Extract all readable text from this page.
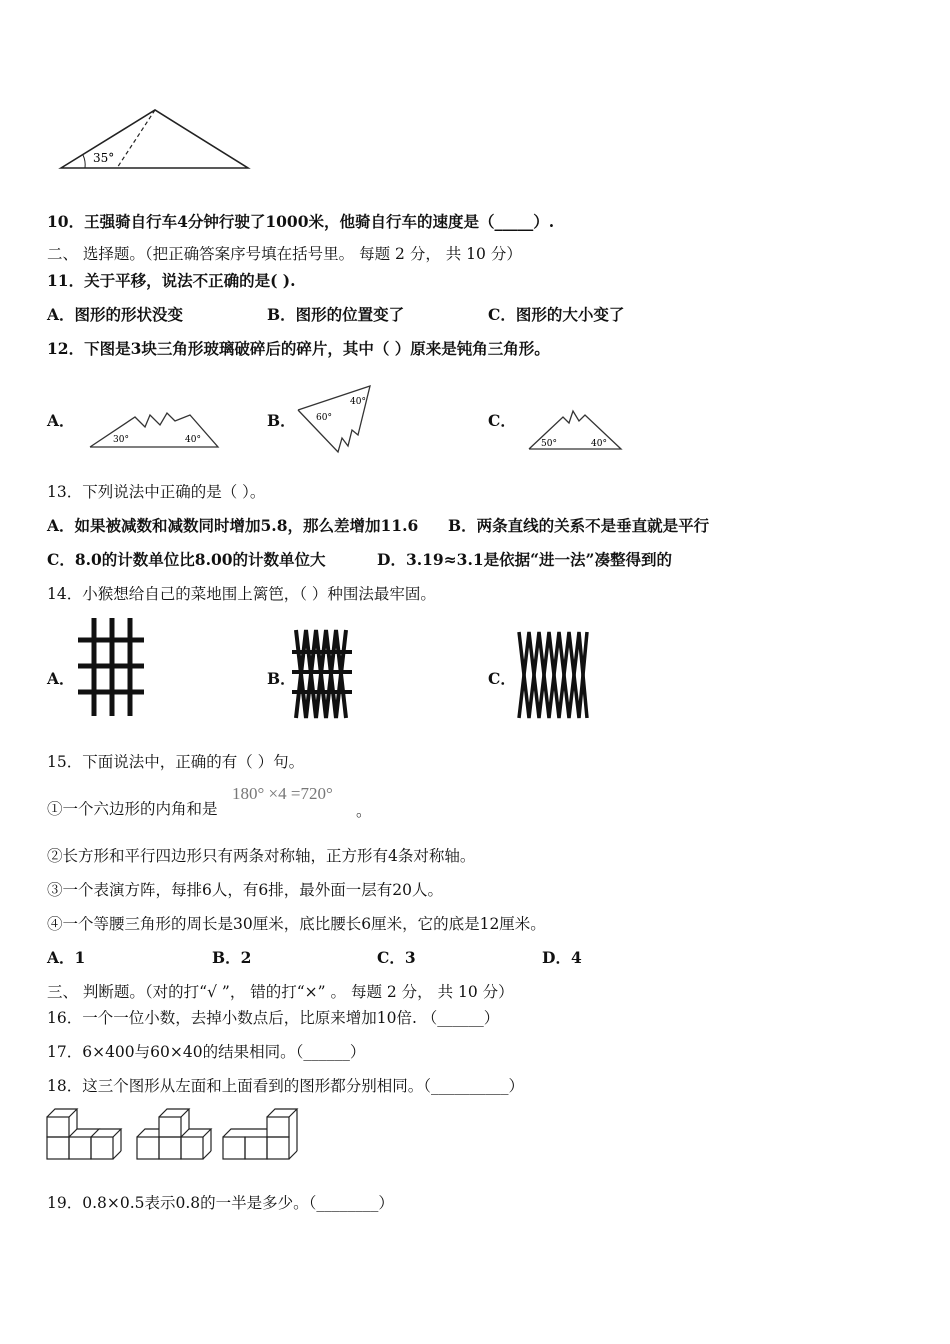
35°
10．王强骑自行车4分钟行驶了1000米，他骑自行车的速度是（_____）.
二、 选择题。（把正确答案序号填在括号里。 每题 2 分， 共 10 分）
11．关于平移，说法不正确的是( ).
A．图形的形状没变	B．图形的位置变了	C．图形的大小变了
12．下图是3块三角形玻璃破碎后的碎片，其中（ ）原来是钝角三角形。
A．	B．	C．
30°	40°
60°
40°
50°	40°
13．下列说法中正确的是（ ）。
A．如果被减数和减数同时增加5.8，那么差增加11.6 B．两条直线的关系不是垂直就是平行
C．8.0的计数单位比8.00的计数单位大	D．3.19≈3.1是依据“进一法”凑整得到的
14．小猴想给自己的菜地围上篱笆，（ ）种围法最牢固。
A．	B．	C．
15．下面说法中，正确的有（ ）句。
①一个六边形的内角和是
180° ×4 =720°
。
②长方形和平行四边形只有两条对称轴，正方形有4条对称轴。
③一个表演方阵，每排6人，有6排，最外面一层有20人。
④一个等腰三角形的周长是30厘米，底比腰长6厘米，它的底是12厘米。
A．1	B．2	C．3	D．4
三、 判断题。（对的打“√ ”， 错的打“×” 。 每题 2 分， 共 10 分）
16．一个一位小数，去掉小数点后，比原来增加10倍. （______）
17．6×400与60×40的结果相同。（______）
18．这三个图形从左面和上面看到的图形都分别相同。（__________）
19．0.8×0.5表示0.8的一半是多少。（________）
